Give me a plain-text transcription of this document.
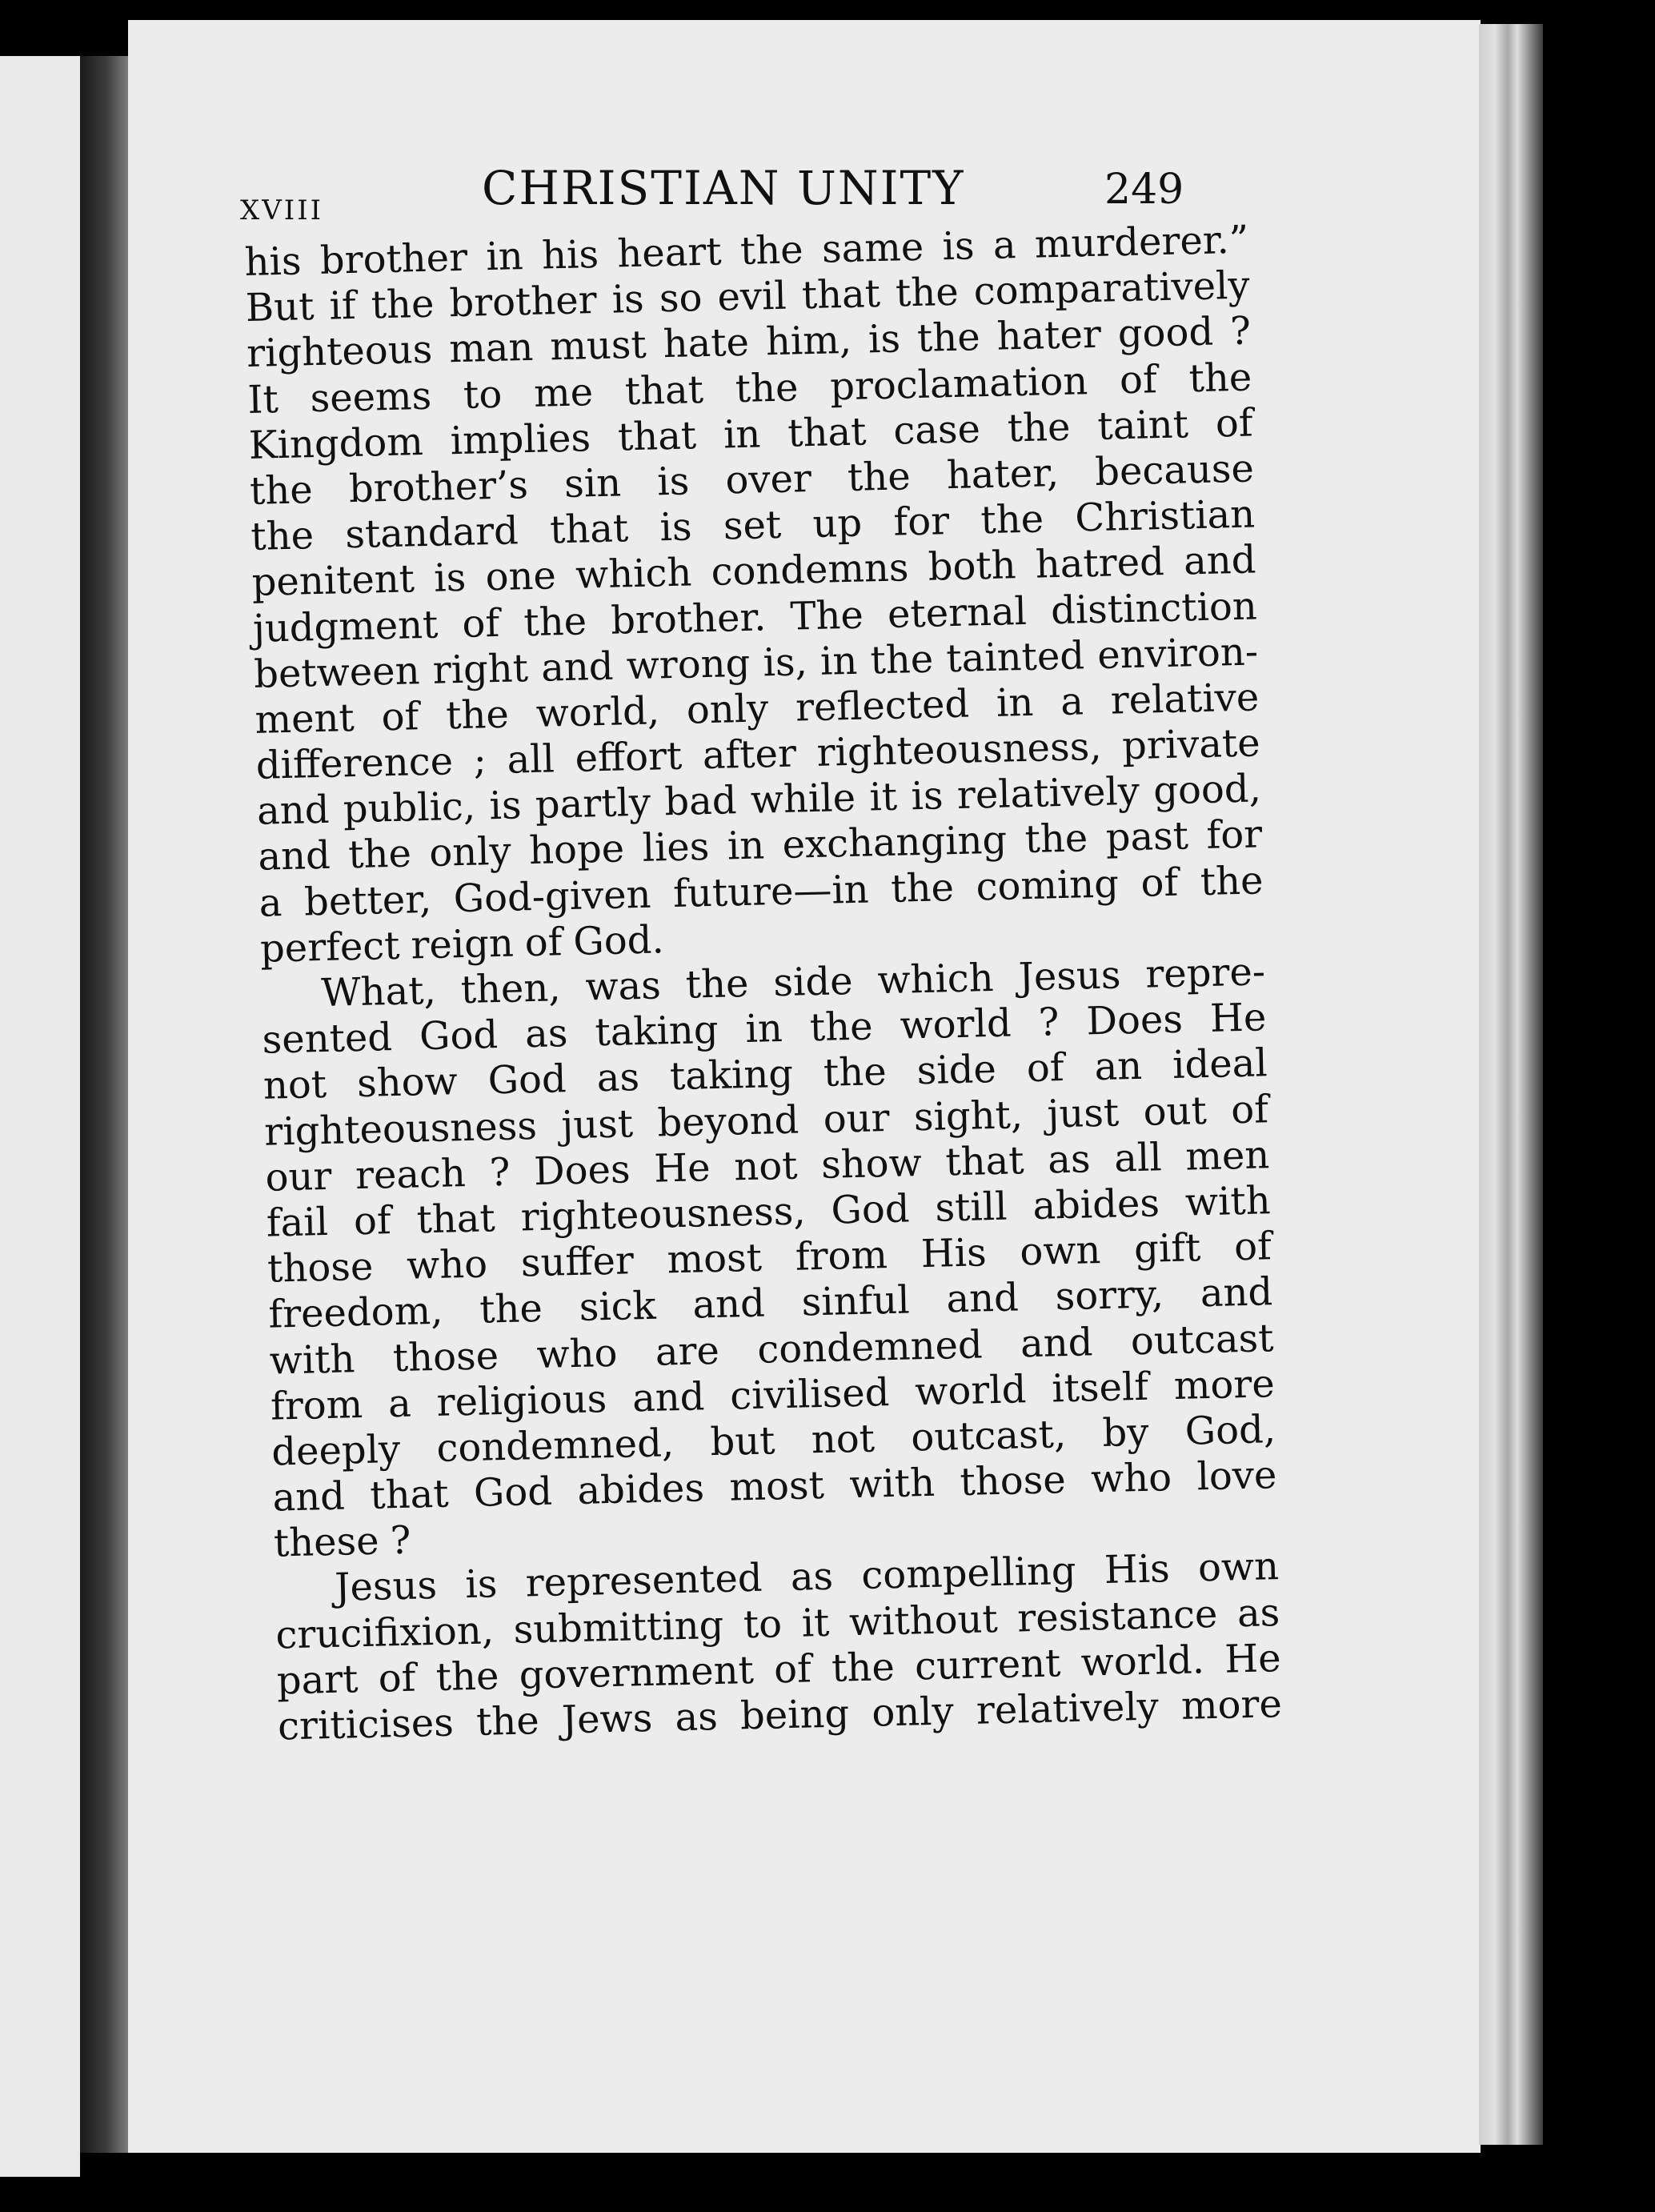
XVIII	CHRISTIAN UNITY	249
his brother in his heart the same is a murderer.”
But if the brother is so evil that the comparatively
righteous man must hate him, is the hater good ?
It seems to me that the proclamation of the
Kingdom implies that in that case the taint of
the brother’s sin is over the hater, because
the standard that is set up for the Christian
penitent is one which condemns both hatred and
judgment of the brother. The eternal distinction
between right and wrong is, in the tainted environ-
ment of the world, only reflected in a relative
difference ; all effort after righteousness, private
and public, is partly bad while it is relatively good,
and the only hope lies in exchanging the past for
a better, God-given future—in the coming of the
perfect reign of God.
What, then, was the side which Jesus repre-
sented God as taking in the world ? Does He
not show God as taking the side of an ideal
righteousness just beyond our sight, just out of
our reach ? Does He not show that as all men
fail of that righteousness, God still abides with
those who suffer most from His own gift of
freedom, the sick and sinful and sorry, and
with those who are condemned and outcast
from a religious and civilised world itself more
deeply condemned, but not outcast, by God,
and that God abides most with those who love
these ?
Jesus is represented as compelling His own
crucifixion, submitting to it without resistance as
part of the government of the current world. He
criticises the Jews as being only relatively more
